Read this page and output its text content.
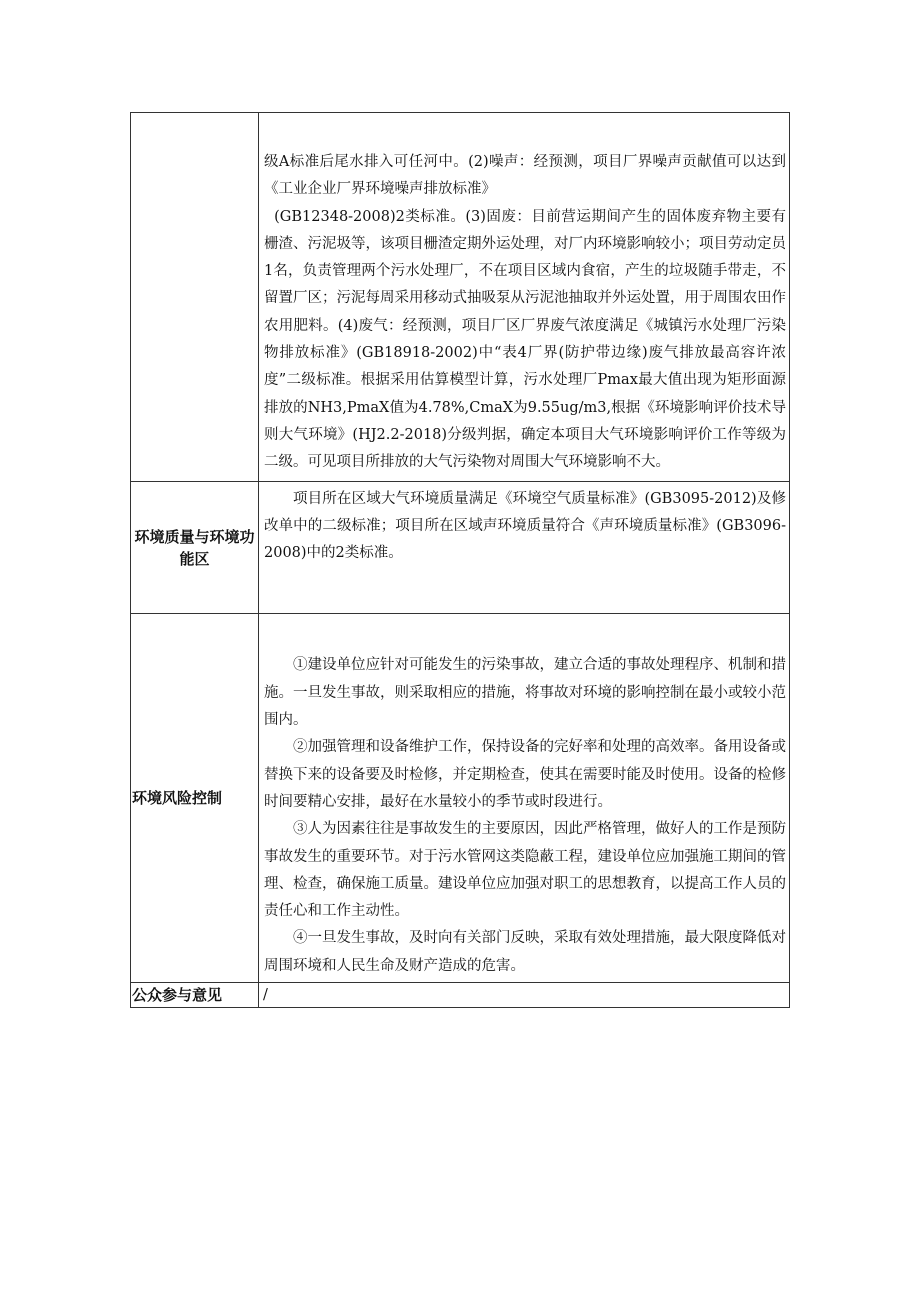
	级A标准后尾水排入可任河中。(2)噪声：经预测，项目厂界噪声贡献值可以达到《工业企业厂界环境噪声排放标准》

(GB12348-2008)2类标准。(3)固废：目前营运期间产生的固体废弃物主要有栅渣、污泥圾等，该项目栅渣定期外运处理，对厂内环境影响较小；项目劳动定员1名，负责管理两个污水处理厂，不在项目区域内食宿，产生的垃圾随手带走，不留置厂区；污泥每周采用移动式抽吸泵从污泥池抽取并外运处置，用于周围农田作农用肥料。(4)废气：经预测，项目厂区厂界废气浓度满足《城镇污水处理厂污染物排放标准》(GB18918-2002)中“表4厂界(防护带边缘)废气排放最高容许浓度”二级标准。根据采用估算模型计算，污水处理厂Pmax最大值出现为矩形面源排放的NH3,PmaX值为4.78%,CmaX为9.55ug/m3,根据《环境影响评价技术导则大气环境》(HJ2.2-2018)分级判据，确定本项目大气环境影响评价工作等级为二级。可见项目所排放的大气污染物对周围大气环境影响不大。

环境质量与环境功能区	项目所在区域大气环境质量满足《环境空气质量标准》(GB3095-2012)及修改单中的二级标准；项目所在区域声环境质量符合《声环境质量标准》(GB3096-2008)中的2类标准。

环境风险控制	①建设单位应针对可能发生的污染事故，建立合适的事故处理程序、机制和措施。一旦发生事故，则采取相应的措施，将事故对环境的影响控制在最小或较小范围内。

②加强管理和设备维护工作，保持设备的完好率和处理的高效率。备用设备或替换下来的设备要及时检修，并定期检查，使其在需要时能及时使用。设备的检修时间要精心安排，最好在水量较小的季节或时段进行。

③人为因素往往是事故发生的主要原因，因此严格管理，做好人的工作是预防事故发生的重要环节。对于污水管网这类隐蔽工程，建设单位应加强施工期间的管理、检查，确保施工质量。建设单位应加强对职工的思想教育，以提高工作人员的责任心和工作主动性。

④一旦发生事故，及时向有关部门反映，采取有效处理措施，最大限度降低对周围环境和人民生命及财产造成的危害。

公众参与意见	/
